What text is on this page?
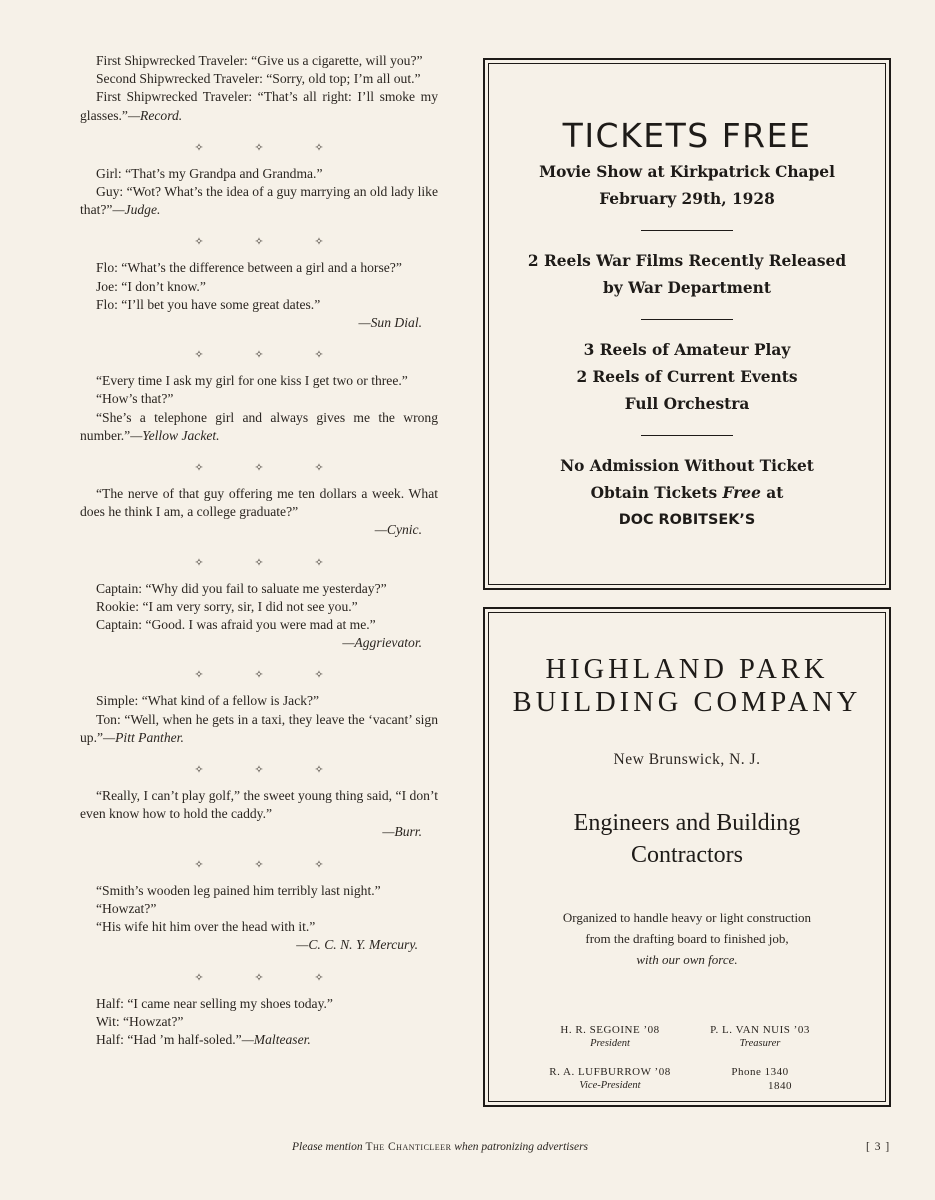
First Shipwrecked Traveler: “Give us a cigarette, will you?”

Second Shipwrecked Traveler: “Sorry, old top; I’m all out.”

First Shipwrecked Traveler: “That’s all right: I’ll smoke my glasses.”—Record.

✧ ✧ ✧

Girl: “That’s my Grandpa and Grandma.”

Guy: “Wot? What’s the idea of a guy marrying an old lady like that?”—Judge.

✧ ✧ ✧

Flo: “What’s the difference between a girl and a horse?”

Joe: “I don’t know.”

Flo: “I’ll bet you have some great dates.”

—Sun Dial.

✧ ✧ ✧

“Every time I ask my girl for one kiss I get two or three.”

“How’s that?”

“She’s a telephone girl and always gives me the wrong number.”—Yellow Jacket.

✧ ✧ ✧

“The nerve of that guy offering me ten dollars a week. What does he think I am, a college graduate?”

—Cynic.

✧ ✧ ✧

Captain: “Why did you fail to saluate me yesterday?”

Rookie: “I am very sorry, sir, I did not see you.”

Captain: “Good. I was afraid you were mad at me.”

—Aggrievator.

✧ ✧ ✧

Simple: “What kind of a fellow is Jack?”

Ton: “Well, when he gets in a taxi, they leave the ‘vacant’ sign up.”—Pitt Panther.

✧ ✧ ✧

“Really, I can’t play golf,” the sweet young thing said, “I don’t even know how to hold the caddy.”

—Burr.

✧ ✧ ✧

“Smith’s wooden leg pained him terribly last night.”

“Howzat?”

“His wife hit him over the head with it.”

—C. C. N. Y. Mercury.

✧ ✧ ✧

Half: “I came near selling my shoes today.”

Wit: “Howzat?”

Half: “Had ’m half-soled.”—Malteaser.

TICKETS FREE
Movie Show at Kirkpatrick Chapel
February 29th, 1928
2 Reels War Films Recently Released
by War Department
3 Reels of Amateur Play
2 Reels of Current Events
Full Orchestra
No Admission Without Ticket
Obtain Tickets Free at
DOC ROBITSEK’S
HIGHLAND PARK
BUILDING COMPANY
New Brunswick, N. J.
Engineers and Building
Contractors
Organized to handle heavy or light construction
from the drafting board to finished job,
with our own force.
H. R. SEGOINE ’08
President
P. L. VAN NUIS ’03
Treasurer
R. A. LUFBURROW ’08
Vice-President
Phone 1340
1840
Please mention The Chanticleer when patronizing advertisers	[ 3 ]
